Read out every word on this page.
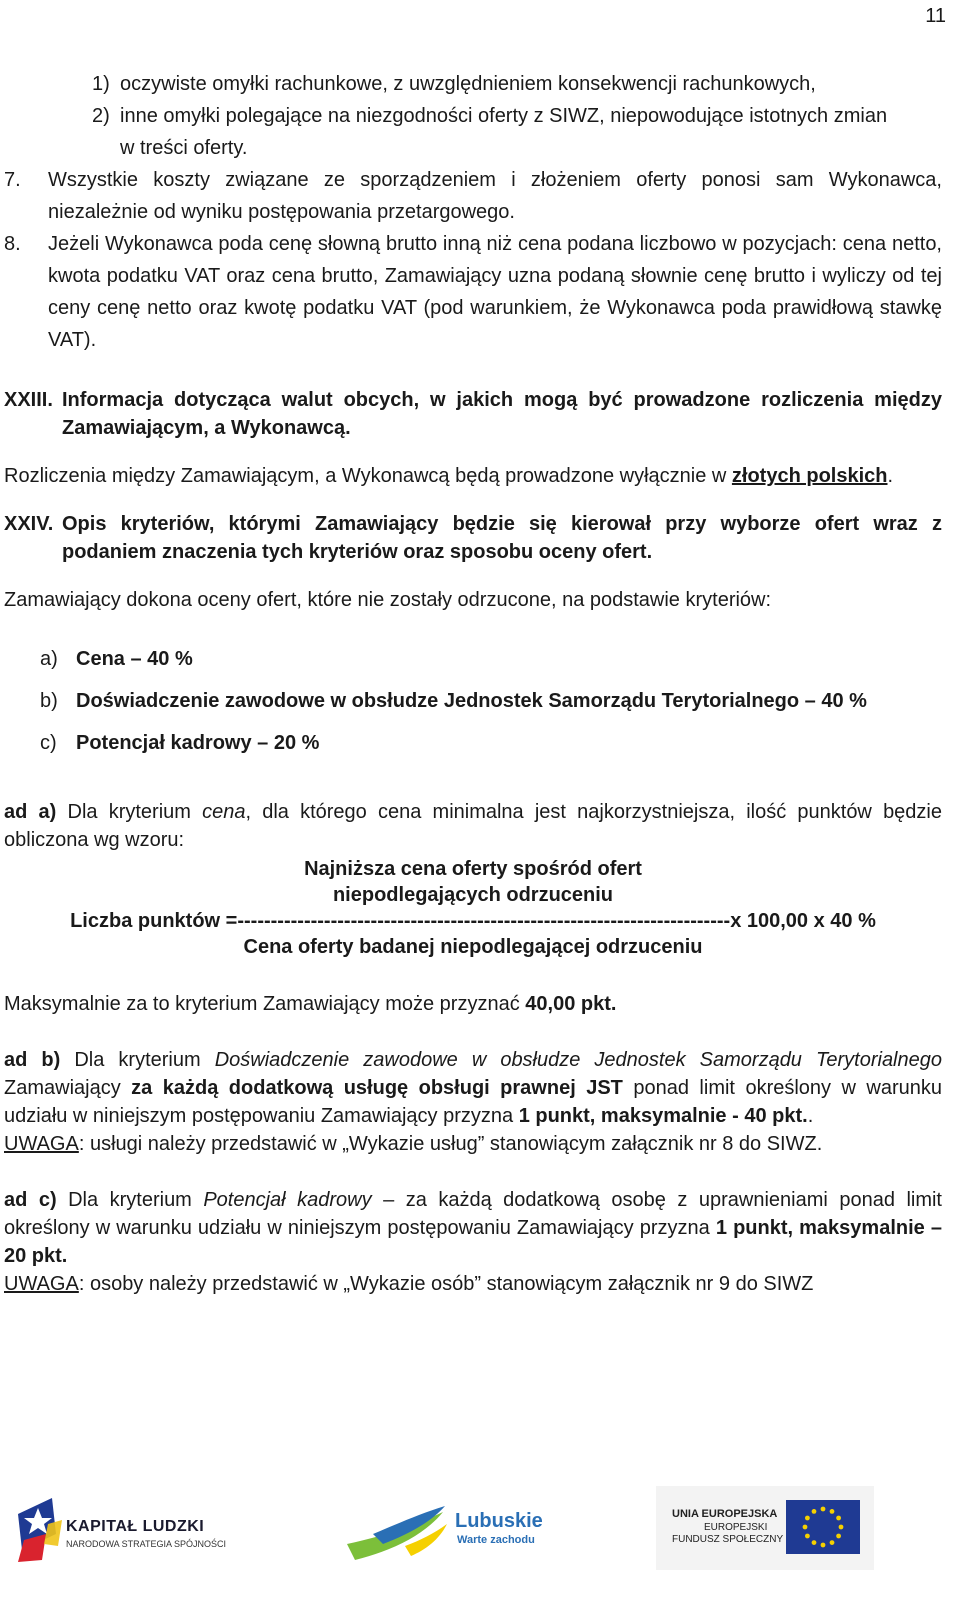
11
1) oczywiste omyłki rachunkowe, z uwzględnieniem konsekwencji rachunkowych,
2) inne omyłki polegające na niezgodności oferty z SIWZ, niepowodujące istotnych zmian
w treści oferty.
7.	Wszystkie koszty związane ze sporządzeniem i złożeniem oferty ponosi sam Wykonawca, niezależnie od wyniku postępowania przetargowego.
8.	Jeżeli Wykonawca poda cenę słowną brutto inną niż cena podana liczbowo w pozycjach: cena netto, kwota podatku VAT oraz cena brutto, Zamawiający uzna podaną słownie cenę brutto i wyliczy od tej ceny cenę netto oraz kwotę podatku VAT (pod warunkiem, że Wykonawca poda prawidłową stawkę VAT).
XXIII. Informacja dotycząca walut obcych, w jakich mogą być prowadzone rozliczenia między Zamawiającym, a Wykonawcą.
Rozliczenia między Zamawiającym, a Wykonawcą będą prowadzone wyłącznie w złotych polskich.
XXIV. Opis kryteriów, którymi Zamawiający będzie się kierował przy wyborze ofert wraz z podaniem znaczenia tych kryteriów oraz sposobu oceny ofert.
Zamawiający dokona oceny ofert, które nie zostały odrzucone, na podstawie kryteriów:
a) Cena – 40 %
b) Doświadczenie zawodowe w obsłudze Jednostek Samorządu Terytorialnego – 40 %
c) Potencjał kadrowy – 20 %
ad a) Dla kryterium cena, dla którego cena minimalna jest najkorzystniejsza, ilość punktów będzie obliczona wg wzoru:
Najniższa cena oferty spośród ofert
niepodlegających odrzuceniu
Liczba punktów = -------------------------------------------------------------------------- x 100,00 x 40 %
Cena oferty badanej niepodlegającej odrzuceniu
Maksymalnie za to kryterium Zamawiający może przyznać 40,00 pkt.
ad b) Dla kryterium Doświadczenie zawodowe w obsłudze Jednostek Samorządu Terytorialnego Zamawiający za każdą dodatkową usługę obsługi prawnej JST ponad limit określony w warunku udziału w niniejszym postępowaniu Zamawiający przyzna 1 punkt, maksymalnie - 40 pkt..
UWAGA: usługi należy przedstawić w „Wykazie usług” stanowiącym załącznik nr 8 do SIWZ.
ad c) Dla kryterium Potencjał kadrowy – za każdą dodatkową osobę z uprawnieniami ponad limit określony w warunku udziału w niniejszym postępowaniu Zamawiający przyzna 1 punkt, maksymalnie – 20 pkt.
UWAGA: osoby należy przedstawić w „Wykazie osób” stanowiącym załącznik nr 9 do SIWZ
KAPITAŁ LUDZKI
NARODOWA STRATEGIA SPÓJNOŚCI
Lubuskie
Warte zachodu
UNIA EUROPEJSKA
EUROPEJSKI
FUNDUSZ SPOŁECZNY
